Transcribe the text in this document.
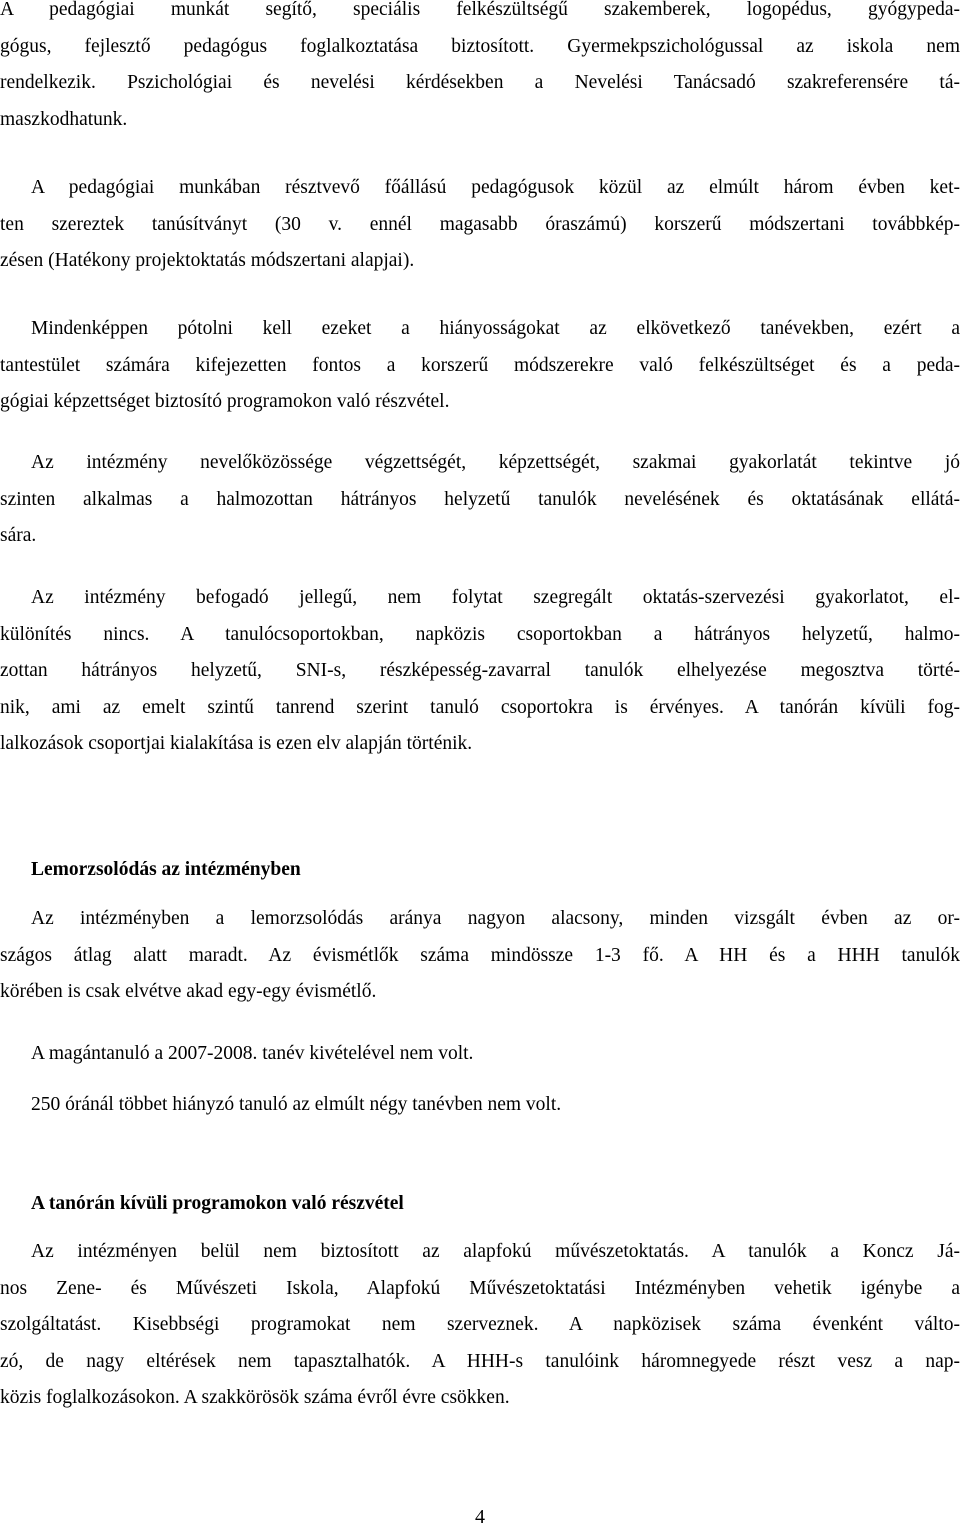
A pedagógiai munkát segítő, speciális felkészültségű szakemberek, logopédus, gyógypeda-
gógus, fejlesztő pedagógus foglalkoztatása biztosított. Gyermekpszichológussal az iskola nem
rendelkezik. Pszichológiai és nevelési kérdésekben a Nevelési Tanácsadó szakreferensére tá-
maszkodhatunk.
A pedagógiai munkában résztvevő főállású pedagógusok közül az elmúlt három évben ket-
ten szereztek tanúsítványt (30 v. ennél magasabb óraszámú) korszerű módszertani továbbkép-
zésen (Hatékony projektoktatás módszertani alapjai).
Mindenképpen pótolni kell ezeket a hiányosságokat az elkövetkező tanévekben, ezért a
tantestület számára kifejezetten fontos a korszerű módszerekre való felkészültséget és a peda-
gógiai képzettséget biztosító programokon való részvétel.
Az intézmény nevelőközössége végzettségét, képzettségét, szakmai gyakorlatát tekintve jó
szinten alkalmas a halmozottan hátrányos helyzetű tanulók nevelésének és oktatásának ellátá-
sára.
Az intézmény befogadó jellegű, nem folytat szegregált oktatás-szervezési gyakorlatot, el-
különítés nincs. A tanulócsoportokban, napközis csoportokban a hátrányos helyzetű, halmo-
zottan hátrányos helyzetű, SNI-s, részképesség-zavarral tanulók elhelyezése megosztva törté-
nik, ami az emelt szintű tanrend szerint tanuló csoportokra is érvényes. A tanórán kívüli fog-
lalkozások csoportjai kialakítása is ezen elv alapján történik.
Lemorzsolódás az intézményben
Az intézményben a lemorzsolódás aránya nagyon alacsony, minden vizsgált évben az or-
szágos átlag alatt maradt. Az évismétlők száma mindössze 1-3 fő. A HH és a HHH tanulók
körében is csak elvétve akad egy-egy évismétlő.
A magántanuló a 2007-2008. tanév kivételével nem volt.
250 óránál többet hiányzó tanuló az elmúlt négy tanévben nem volt.
A tanórán kívüli programokon való részvétel
Az intézményen belül nem biztosított az alapfokú művészetoktatás. A tanulók a Koncz Já-
nos Zene- és Művészeti Iskola, Alapfokú Művészetoktatási Intézményben vehetik igénybe a
szolgáltatást. Kisebbségi programokat nem szerveznek. A napközisek száma évenként válto-
zó, de nagy eltérések nem tapasztalhatók. A HHH-s tanulóink háromnegyede részt vesz a nap-
közis foglalkozásokon. A szakkörösök száma évről évre csökken.
4
